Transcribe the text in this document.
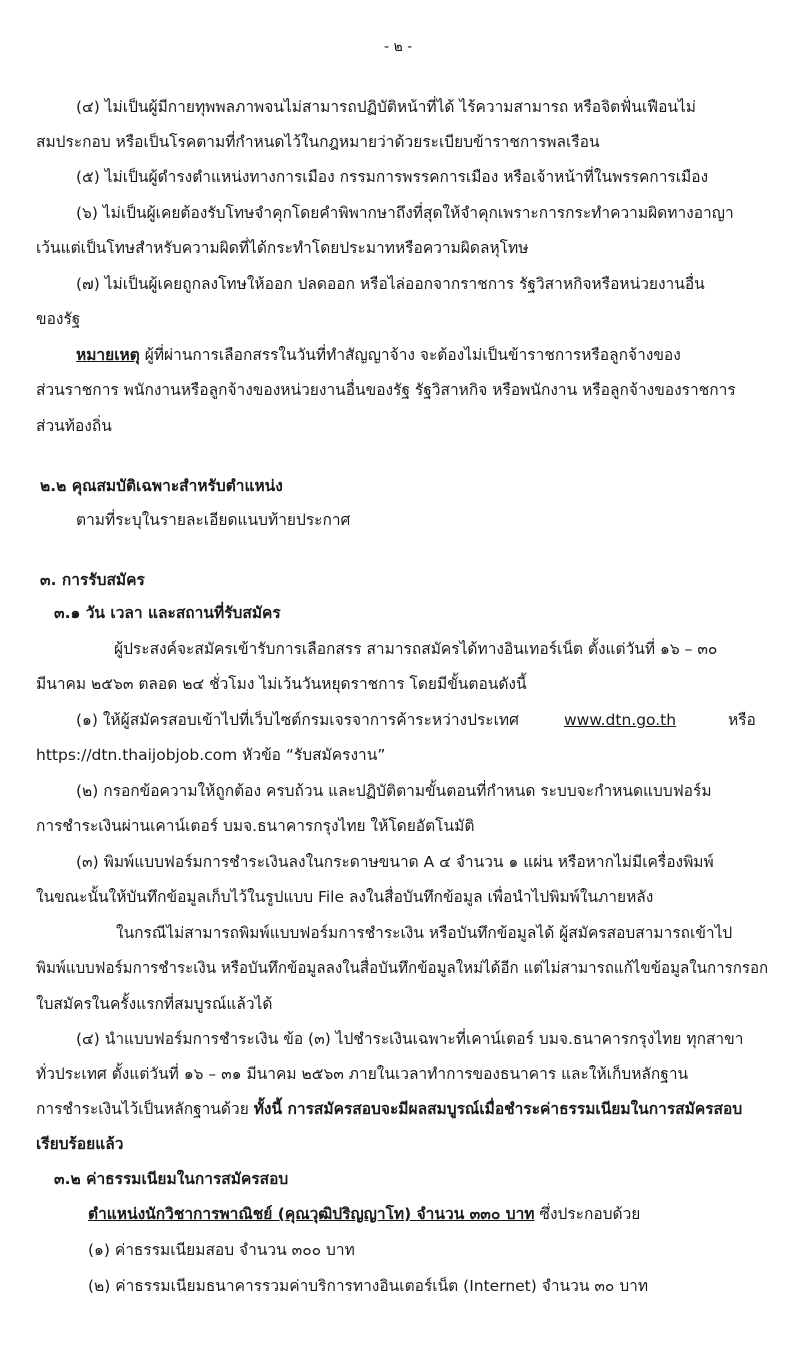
- ๒ -
(๔) ไม่เป็นผู้มีกายทุพพลภาพจนไม่สามารถปฏิบัติหน้าที่ได้ ไร้ความสามารถ หรือจิตฟั่นเฟือนไม่
สมประกอบ หรือเป็นโรคตามที่กำหนดไว้ในกฎหมายว่าด้วยระเบียบข้าราชการพลเรือน
(๕) ไม่เป็นผู้ดำรงตำแหน่งทางการเมือง กรรมการพรรคการเมือง หรือเจ้าหน้าที่ในพรรคการเมือง
(๖) ไม่เป็นผู้เคยต้องรับโทษจำคุกโดยคำพิพากษาถึงที่สุดให้จำคุกเพราะการกระทำความผิดทางอาญา
เว้นแต่เป็นโทษสำหรับความผิดที่ได้กระทำโดยประมาทหรือความผิดลหุโทษ
(๗) ไม่เป็นผู้เคยถูกลงโทษให้ออก ปลดออก หรือไล่ออกจากราชการ รัฐวิสาหกิจหรือหน่วยงานอื่น
ของรัฐ
หมายเหตุ ผู้ที่ผ่านการเลือกสรรในวันที่ทำสัญญาจ้าง จะต้องไม่เป็นข้าราชการหรือลูกจ้างของ
ส่วนราชการ พนักงานหรือลูกจ้างของหน่วยงานอื่นของรัฐ รัฐวิสาหกิจ หรือพนักงาน หรือลูกจ้างของราชการ
ส่วนท้องถิ่น
๒.๒ คุณสมบัติเฉพาะสำหรับตำแหน่ง
ตามที่ระบุในรายละเอียดแนบท้ายประกาศ
๓. การรับสมัคร
๓.๑ วัน เวลา และสถานที่รับสมัคร
ผู้ประสงค์จะสมัครเข้ารับการเลือกสรร สามารถสมัครได้ทางอินเทอร์เน็ต ตั้งแต่วันที่ ๑๖ – ๓๐
มีนาคม ๒๕๖๓ ตลอด ๒๔ ชั่วโมง ไม่เว้นวันหยุดราชการ โดยมีขั้นตอนดังนี้
(๑) ให้ผู้สมัครสอบเข้าไปที่เว็บไซต์กรมเจรจาการค้าระหว่างประเทศ	www.dtn.go.th	หรือ
https://dtn.thaijobjob.com หัวข้อ “รับสมัครงาน”
(๒) กรอกข้อความให้ถูกต้อง ครบถ้วน และปฏิบัติตามขั้นตอนที่กำหนด ระบบจะกำหนดแบบฟอร์ม
การชำระเงินผ่านเคาน์เตอร์ บมจ.ธนาคารกรุงไทย ให้โดยอัตโนมัติ
(๓) พิมพ์แบบฟอร์มการชำระเงินลงในกระดาษขนาด A ๔ จำนวน ๑ แผ่น หรือหากไม่มีเครื่องพิมพ์
ในขณะนั้นให้บันทึกข้อมูลเก็บไว้ในรูปแบบ File ลงในสื่อบันทึกข้อมูล เพื่อนำไปพิมพ์ในภายหลัง
ในกรณีไม่สามารถพิมพ์แบบฟอร์มการชำระเงิน หรือบันทึกข้อมูลได้ ผู้สมัครสอบสามารถเข้าไป
พิมพ์แบบฟอร์มการชำระเงิน หรือบันทึกข้อมูลลงในสื่อบันทึกข้อมูลใหม่ได้อีก แต่ไม่สามารถแก้ไขข้อมูลในการกรอก
ใบสมัครในครั้งแรกที่สมบูรณ์แล้วได้
(๔) นำแบบฟอร์มการชำระเงิน ข้อ (๓) ไปชำระเงินเฉพาะที่เคาน์เตอร์ บมจ.ธนาคารกรุงไทย ทุกสาขา
ทั่วประเทศ ตั้งแต่วันที่ ๑๖ – ๓๑ มีนาคม ๒๕๖๓ ภายในเวลาทำการของธนาคาร และให้เก็บหลักฐาน
การชำระเงินไว้เป็นหลักฐานด้วย ทั้งนี้ การสมัครสอบจะมีผลสมบูรณ์เมื่อชำระค่าธรรมเนียมในการสมัครสอบ
เรียบร้อยแล้ว
๓.๒ ค่าธรรมเนียมในการสมัครสอบ
ตำแหน่งนักวิชาการพาณิชย์ (คุณวุฒิปริญญาโท) จำนวน ๓๓๐ บาท ซึ่งประกอบด้วย
(๑) ค่าธรรมเนียมสอบ จำนวน ๓๐๐ บาท
(๒) ค่าธรรมเนียมธนาคารรวมค่าบริการทางอินเตอร์เน็ต (Internet) จำนวน ๓๐ บาท
